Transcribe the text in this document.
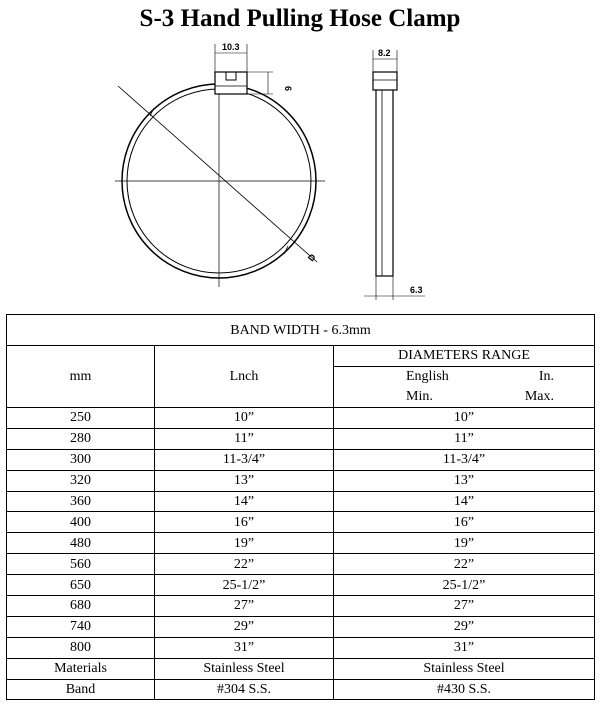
S-3 Hand Pulling Hose Clamp
10.3
6
D
8.2
6.3
BAND WIDTH - 6.3mm		
mm	Lnch	DIAMETERS RANGE
English In.
Min. Max.

250	10”	10”
280	11”	11”
300	11-3/4”	11-3/4”
320	13”	13”
360	14”	14”
400	16”	16”
480	19”	19”
560	22”	22”
650	25-1/2”	25-1/2”
680	27”	27”
740	29”	29”
800	31”	31”
Materials	Stainless Steel	Stainless Steel
Band	#304 S.S.	#430 S.S.
